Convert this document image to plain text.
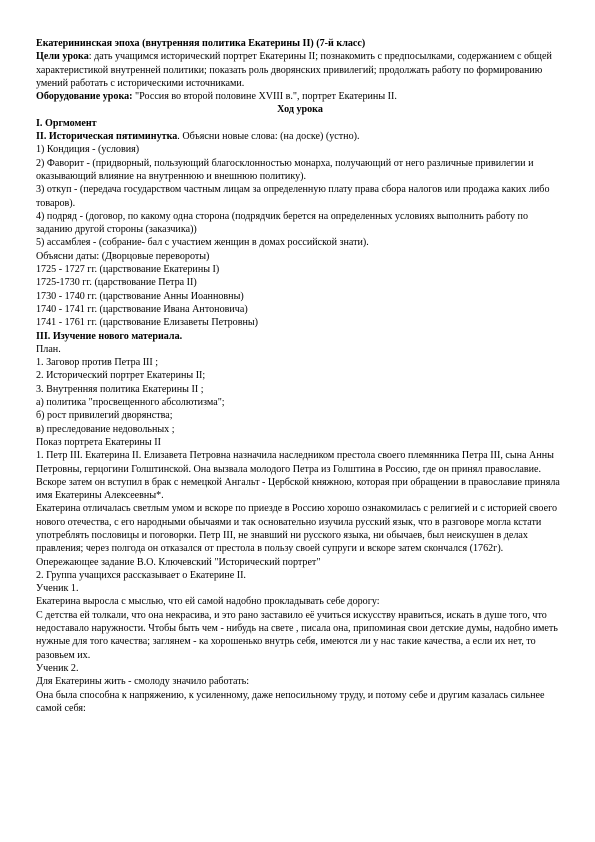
Екатерининская эпоха (внутренняя политика Екатерины II) (7-й класс)

Цели урока: дать учащимся исторический портрет Екатерины II; познакомить с предпосылками, содержанием с общей характеристикой внутренней политики; показать роль дворянских привилегий; продолжать работу по формированию умений работать с историческими источниками.

Оборудование урока: "Россия во второй половине XVIII в.", портрет Екатерины II.

Ход урока

I. Оргмомент

II. Историческая пятиминутка. Объясни новые слова: (на доске) (устно).

1) Кондиция - (условия)

2) Фаворит - (придворный, пользующий благосклонностью монарха, получающий от него различные привилегии и оказывающий влияние на внутреннюю и внешнюю политику).

3) откуп - (передача государством частным лицам за определенную плату права сбора налогов или продажа каких либо товаров).

4) подряд - (договор, по какому одна сторона (подрядчик берется на определенных условиях выполнить работу по заданию другой стороны (заказчика))

5) ассамблея - (собрание- бал с участием женщин в домах российской знати).

Объясни даты: (Дворцовые перевороты)

1725 - 1727 гг. (царствование Екатерины I)

1725-1730 гг. (царствование Петра II)

1730 - 1740 гг. (царствование Анны Иоанновны)

1740 - 1741 гг. (царствование Ивана Антоновича)

1741 - 1761 гг. (царствование Елизаветы Петровны)

III. Изучение нового материала.

План.

1. Заговор против Петра III ;

2. Исторический портрет Екатерины II;

3. Внутренняя политика Екатерины II ;

а) политика "просвещенного абсолютизма";

б) рост привилегий дворянства;

в) преследование недовольных ;

Показ портрета Екатерины II

1. Петр III. Екатерина II. Елизавета Петровна назначила наследником престола своего племянника Петра III, сына Анны Петровны, герцогини Голштинской. Она вызвала молодого Петра из Голштина в Россию, где он принял православие. Вскоре затем он вступил в брак с немецкой Ангальт - Цербской княжною, которая при обращении в православие приняла имя Екатерины Алексеевны*.

Екатерина отличалась светлым умом и вскоре по приезде в Россию хорошо ознакомилась с религией и с историей своего нового отечества, с его народными обычаями и так основательно изучила русский язык, что в разговоре могла кстати употреблять пословицы и поговорки. Петр III, не знавший ни русского языка, ни обычаев, был неискушен в делах правления; через полгода он отказался от престола в пользу своей супруги и вскоре затем скончался (1762г).

Опережающее задание В.О. Ключевский "Исторический портрет"

2. Группа учащихся рассказывает о Екатерине II.

Ученик 1.

Екатерина выросла с мыслью, что ей самой надобно прокладывать себе дорогу:

С детства ей толкали, что она некрасива, и это рано заставило её учиться искусству нравиться, искать в душе того, что недоставало наружности. Чтобы быть чем - нибудь на свете , писала она, припоминая свои детские думы, надобно иметь нужные для того качества; заглянем - ка хорошенько внутрь себя, имеются ли у нас такие качества, а если их нет, то разовьем их.

Ученик 2.

Для Екатерины жить - смолоду значило работать:

Она была способна к напряжению, к усиленному, даже непосильному труду, и потому себе и другим казалась сильнее самой себя:
